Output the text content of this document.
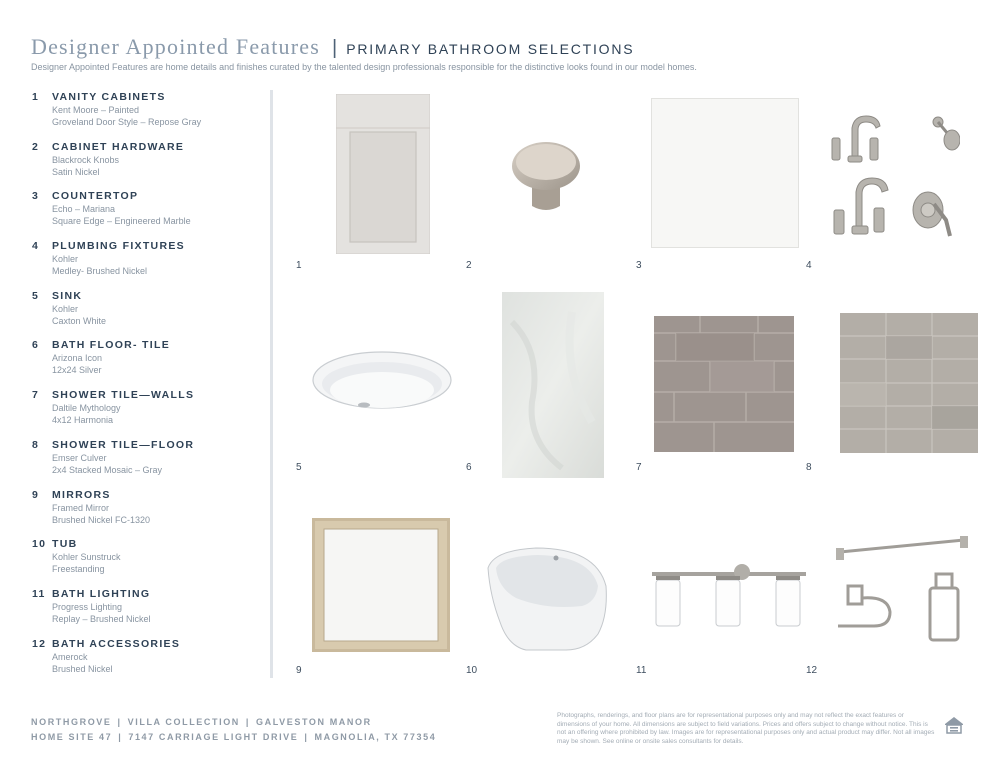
Designer Appointed Features | PRIMARY BATHROOM SELECTIONS
Designer Appointed Features are home details and finishes curated by the talented design professionals responsible for the distinctive looks found in our model homes.
1	VANITY CABINETS
Kent Moore – Painted
Groveland Door Style – Repose Gray
2	CABINET HARDWARE
Blackrock Knobs
Satin Nickel
3	COUNTERTOP
Echo – Mariana
Square Edge – Engineered Marble
4	PLUMBING FIXTURES
Kohler
Medley- Brushed Nickel
5	SINK
Kohler
Caxton White
6	BATH FLOOR- TILE
Arizona Icon
12x24 Silver
7	SHOWER TILE—WALLS
Daltile Mythology
4x12 Harmonia
8	SHOWER TILE—FLOOR
Emser Culver
2x4 Stacked Mosaic – Gray
9	MIRRORS
Framed Mirror
Brushed Nickel FC-1320
10 TUB
Kohler Sunstruck
Freestanding
11 BATH LIGHTING
Progress Lighting
Replay – Brushed Nickel
12 BATH ACCESSORIES
Amerock
Brushed Nickel
1	2	3	4
5	6	7	8
9	10	11	12
NORTHGROVE | VILLA COLLECTION | GALVESTON MANOR
HOME SITE 47 | 7147 CARRIAGE LIGHT DRIVE | MAGNOLIA, TX 77354
Photographs, renderings, and floor plans are for representational purposes only and may not reflect the exact features or dimensions of your home. All dimensions are subject to field variations. Prices and offers subject to change without notice. This is not an offering where prohibited by law. Images are for representational purposes only and actual product may differ. Not all images may be shown. See online or onsite sales consultants for details.
